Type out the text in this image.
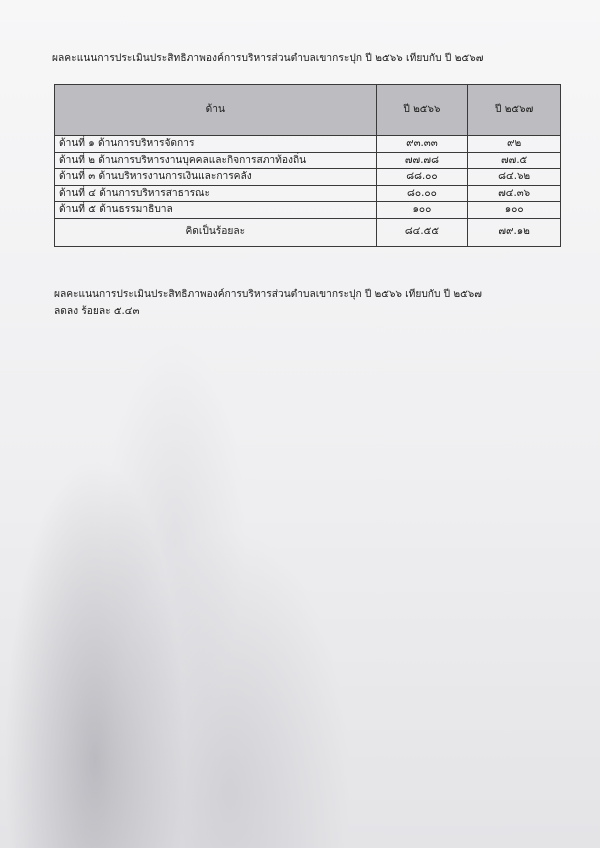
ผลคะแนนการประเมินประสิทธิภาพองค์การบริหารส่วนตำบลเขากระปุก ปี ๒๕๖๖ เทียบกับ ปี ๒๕๖๗
ด้าน	ปี ๒๕๖๖	ปี ๒๕๖๗
ด้านที่ ๑ ด้านการบริหารจัดการ	๙๓.๓๓	๙๒
ด้านที่ ๒ ด้านการบริหารงานบุคคลและกิจการสภาท้องถิ่น	๗๗.๗๘	๗๗.๕
ด้านที่ ๓ ด้านบริหารงานการเงินและการคลัง	๘๘.๐๐	๘๔.๖๒
ด้านที่ ๔ ด้านการบริหารสาธารณะ	๘๐.๐๐	๗๔.๓๖
ด้านที่ ๕ ด้านธรรมาธิบาล	๑๐๐	๑๐๐
คิดเป็นร้อยละ	๘๔.๕๕	๗๙.๑๒
ผลคะแนนการประเมินประสิทธิภาพองค์การบริหารส่วนตำบลเขากระปุก ปี ๒๕๖๖ เทียบกับ ปี ๒๕๖๗
ลดลง ร้อยละ ๕.๔๓
